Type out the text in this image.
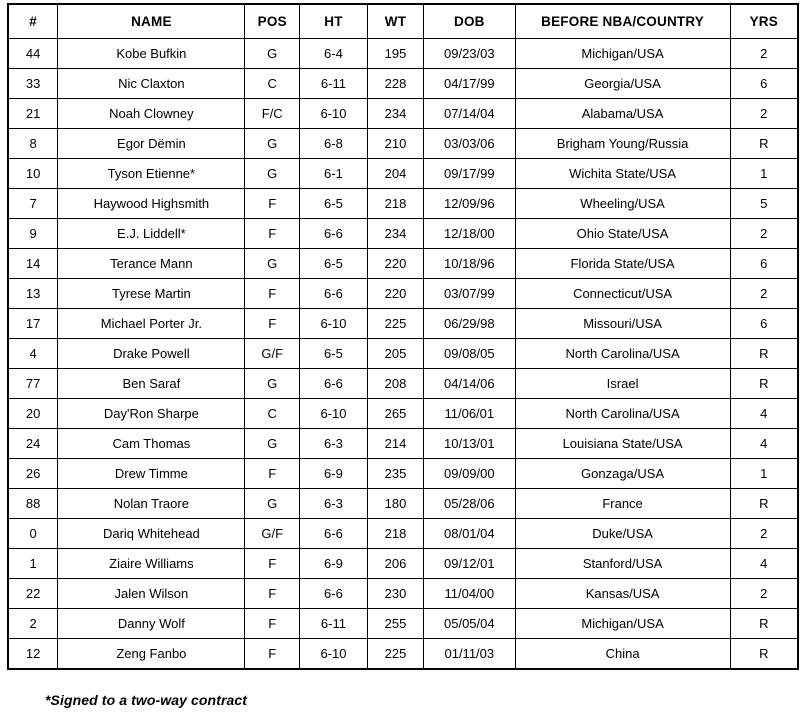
#	NAME	POS	HT	WT	DOB	BEFORE NBA/COUNTRY	YRS
44	Kobe Bufkin	G	6-4	195	09/23/03	Michigan/USA	2
33	Nic Claxton	C	6-11	228	04/17/99	Georgia/USA	6
21	Noah Clowney	F/C	6-10	234	07/14/04	Alabama/USA	2
8	Egor Dëmin	G	6-8	210	03/03/06	Brigham Young/Russia	R
10	Tyson Etienne*	G	6-1	204	09/17/99	Wichita State/USA	1
7	Haywood Highsmith	F	6-5	218	12/09/96	Wheeling/USA	5
9	E.J. Liddell*	F	6-6	234	12/18/00	Ohio State/USA	2
14	Terance Mann	G	6-5	220	10/18/96	Florida State/USA	6
13	Tyrese Martin	F	6-6	220	03/07/99	Connecticut/USA	2
17	Michael Porter Jr.	F	6-10	225	06/29/98	Missouri/USA	6
4	Drake Powell	G/F	6-5	205	09/08/05	North Carolina/USA	R
77	Ben Saraf	G	6-6	208	04/14/06	Israel	R
20	Day'Ron Sharpe	C	6-10	265	11/06/01	North Carolina/USA	4
24	Cam Thomas	G	6-3	214	10/13/01	Louisiana State/USA	4
26	Drew Timme	F	6-9	235	09/09/00	Gonzaga/USA	1
88	Nolan Traore	G	6-3	180	05/28/06	France	R
0	Dariq Whitehead	G/F	6-6	218	08/01/04	Duke/USA	2
1	Ziaire Williams	F	6-9	206	09/12/01	Stanford/USA	4
22	Jalen Wilson	F	6-6	230	11/04/00	Kansas/USA	2
2	Danny Wolf	F	6-11	255	05/05/04	Michigan/USA	R
12	Zeng Fanbo	F	6-10	225	01/11/03	China	R
*Signed to a two-way contract
